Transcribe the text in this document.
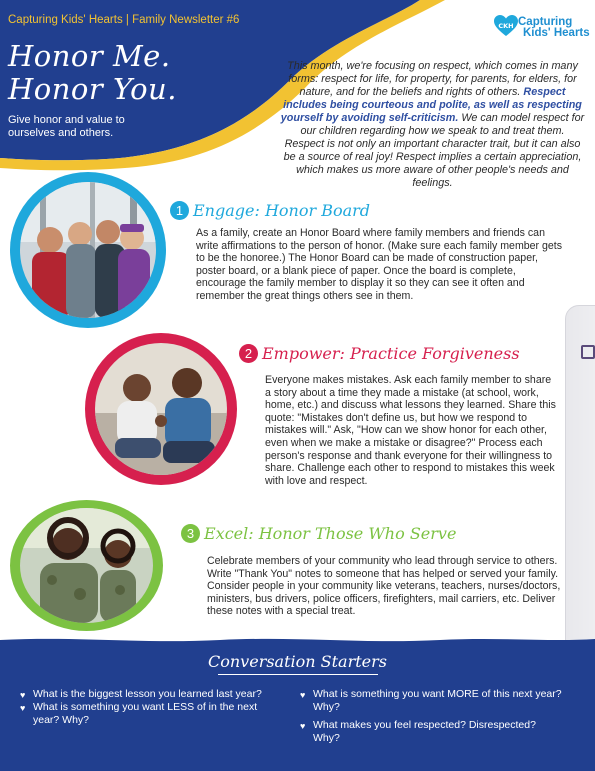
Capturing Kids' Hearts | Family Newsletter #6
Honor Me.
Honor You.
Give honor and value to ourselves and others.
CKH Capturing
Kids' Hearts
This month, we're focusing on respect, which comes in many forms: respect for life, for property, for parents, for elders, for nature, and for the beliefs and rights of others. Respect includes being courteous and polite, as well as respecting yourself by avoiding self-criticism. We can model respect for our children regarding how we speak to and treat them. Respect is not only an important character trait, but it can also be a source of real joy! Respect implies a certain appreciation, which makes us more aware of other people's needs and feelings.
1 Engage: Honor Board
As a family, create an Honor Board where family members and friends can write affirmations to the person of honor. (Make sure each family member gets to be the honoree.) The Honor Board can be made of construction paper, poster board, or a blank piece of paper. Once the board is complete, encourage the family member to display it so they can see it often and remember the great things others see in them.
2 Empower: Practice Forgiveness
Everyone makes mistakes. Ask each family member to share a story about a time they made a mistake (at school, work, home, etc.) and discuss what lessons they learned. Share this quote: "Mistakes don't define us, but how we respond to mistakes will." Ask, "How can we show honor for each other, even when we make a mistake or disagree?" Process each person's response and thank everyone for their willingness to share. Challenge each other to respond to mistakes this week with love and respect.
3 Excel: Honor Those Who Serve
Celebrate members of your community who lead through service to others. Write "Thank You" notes to someone that has helped or served your family. Consider people in your community like veterans, teachers, nurses/doctors, ministers, bus drivers, police officers, firefighters, mail carriers, etc. Deliver these notes with a special treat.
Conversation Starters
♥ What is the biggest lesson you learned last year?
♥ What is something you want LESS of in the next year? Why?
♥ What is something you want MORE of this next year? Why?
♥ What makes you feel respected? Disrespected? Why?
